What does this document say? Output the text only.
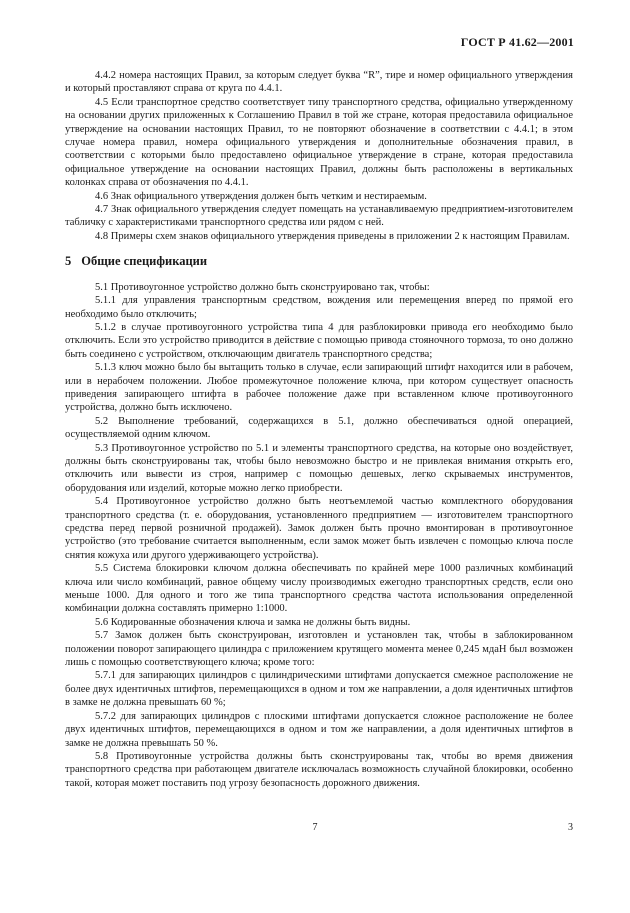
ГОСТ Р 41.62—2001

4.4.2 номера настоящих Правил, за которым следует буква “R”, тире и номер официального утверждения и который проставляют справа от круга по 4.4.1.

4.5 Если транспортное средство соответствует типу транспортного средства, официально утвержденному на основании других приложенных к Соглашению Правил в той же стране, которая предоставила официальное утверждение на основании настоящих Правил, то не повторяют обозначение в соответствии с 4.4.1; в этом случае номера правил, номера официального утверждения и дополнительные обозначения правил, в соответствии с которыми было предоставлено официальное утверждение в стране, которая предоставила официальное утверждение на основании настоящих Правил, должны быть расположены в вертикальных колонках справа от обозначения по 4.4.1.

4.6 Знак официального утверждения должен быть четким и нестираемым.

4.7 Знак официального утверждения следует помещать на устанавливаемую предприятием-изготовителем табличку с характеристиками транспортного средства или рядом с ней.

4.8 Примеры схем знаков официального утверждения приведены в приложении 2 к настоящим Правилам.

5 Общие спецификации

5.1 Противоугонное устройство должно быть сконструировано так, чтобы:

5.1.1 для управления транспортным средством, вождения или перемещения вперед по прямой его необходимо было отключить;

5.1.2 в случае противоугонного устройства типа 4 для разблокировки привода его необходимо было отключить. Если это устройство приводится в действие с помощью привода стояночного тормоза, то оно должно быть соединено с устройством, отключающим двигатель транспортного средства;

5.1.3 ключ можно было бы вытащить только в случае, если запирающий штифт находится или в рабочем, или в нерабочем положении. Любое промежуточное положение ключа, при котором существует опасность приведения запирающего штифта в рабочее положение даже при вставленном ключе противоугонного устройства, должно быть исключено.

5.2 Выполнение требований, содержащихся в 5.1, должно обеспечиваться одной операцией, осуществляемой одним ключом.

5.3 Противоугонное устройство по 5.1 и элементы транспортного средства, на которые оно воздействует, должны быть сконструированы так, чтобы было невозможно быстро и не привлекая внимания открыть его, отключить или вывести из строя, например с помощью дешевых, легко скрываемых инструментов, оборудования или изделий, которые можно легко приобрести.

5.4 Противоугонное устройство должно быть неотъемлемой частью комплектного оборудования транспортного средства (т. е. оборудования, установленного предприятием — изготовителем транспортного средства перед первой розничной продажей). Замок должен быть прочно вмонтирован в противоугонное устройство (это требование считается выполненным, если замок может быть извлечен с помощью ключа после снятия кожуха или другого удерживающего устройства).

5.5 Система блокировки ключом должна обеспечивать по крайней мере 1000 различных комбинаций ключа или число комбинаций, равное общему числу производимых ежегодно транспортных средств, если оно меньше 1000. Для одного и того же типа транспортного средства частота использования определенной комбинации должна составлять примерно 1:1000.

5.6 Кодированные обозначения ключа и замка не должны быть видны.

5.7 Замок должен быть сконструирован, изготовлен и установлен так, чтобы в заблокированном положении поворот запирающего цилиндра с приложением крутящего момента менее 0,245 мдаН был возможен лишь с помощью соответствующего ключа; кроме того:

5.7.1 для запирающих цилиндров с цилиндрическими штифтами допускается смежное расположение не более двух идентичных штифтов, перемещающихся в одном и том же направлении, а доля идентичных штифтов в замке не должна превышать 60 %;

5.7.2 для запирающих цилиндров с плоскими штифтами допускается сложное расположение не более двух идентичных штифтов, перемещающихся в одном и том же направлении, а доля идентичных штифтов в замке не должна превышать 50 %.

5.8 Противоугонные устройства должны быть сконструированы так, чтобы во время движения транспортного средства при работающем двигателе исключалась возможность случайной блокировки, особенно такой, которая может поставить под угрозу безопасность дорожного движения.

7	3
